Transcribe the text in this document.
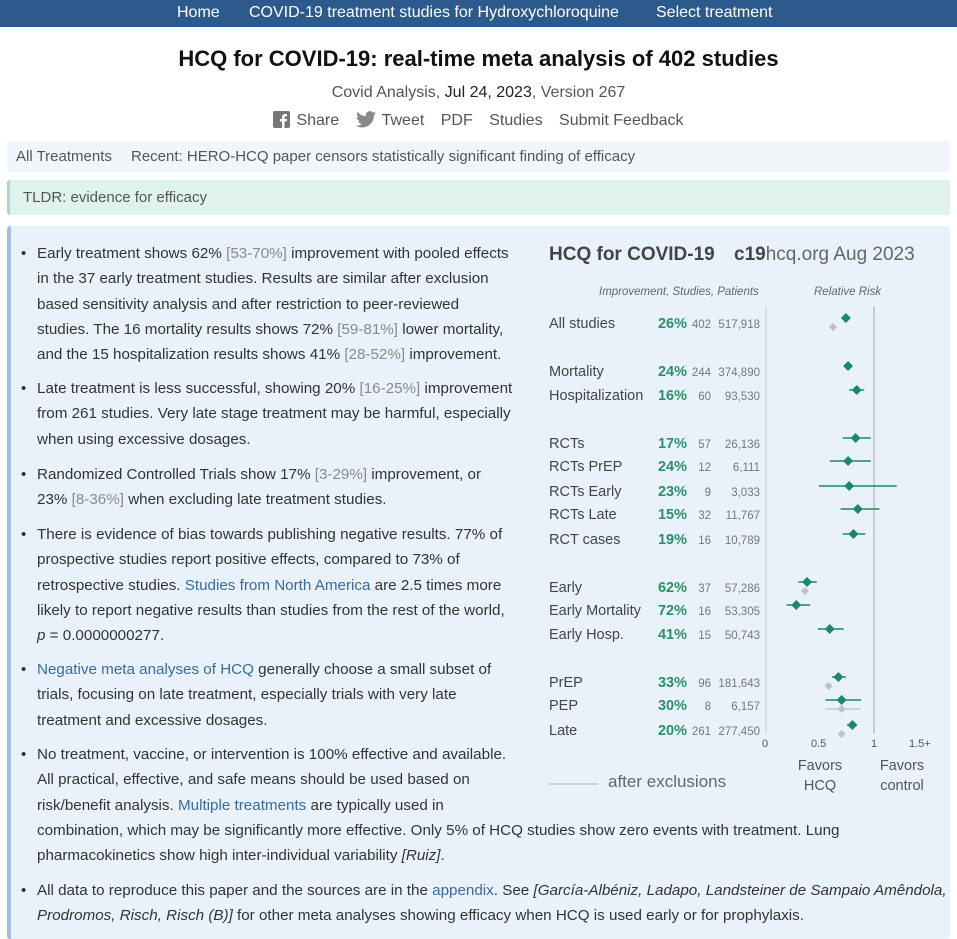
Home COVID-19 treatment studies for Hydroxychloroquine Select treatment
HCQ for COVID-19: real-time meta analysis of 402 studies
Covid Analysis, Jul 24, 2023, Version 267
Share	Tweet PDF Studies Submit Feedback
All Treatments Recent: HERO-HCQ paper censors statistically significant finding of efficacy
TLDR: evidence for efficacy
• Early treatment shows 62% [53-70%] improvement with pooled effects
in the 37 early treatment studies. Results are similar after exclusion
based sensitivity analysis and after restriction to peer-reviewed
studies. The 16 mortality results shows 72% [59-81%] lower mortality,
and the 15 hospitalization results shows 41% [28-52%] improvement.
• Late treatment is less successful, showing 20% [16-25%] improvement
from 261 studies. Very late stage treatment may be harmful, especially
when using excessive dosages.
• Randomized Controlled Trials show 17% [3-29%] improvement, or
23% [8-36%] when excluding late treatment studies.
• There is evidence of bias towards publishing negative results. 77% of
prospective studies report positive effects, compared to 73% of
retrospective studies. Studies from North America are 2.5 times more
likely to report negative results than studies from the rest of the world,
p = 0.0000000277.
• Negative meta analyses of HCQ generally choose a small subset of
trials, focusing on late treatment, especially trials with very late
treatment and excessive dosages.
• No treatment, vaccine, or intervention is 100% effective and available.
All practical, effective, and safe means should be used based on
risk/benefit analysis. Multiple treatments are typically used in
combination, which may be significantly more effective. Only 5% of HCQ studies show zero events with treatment. Lung
pharmacokinetics show high inter-individual variability [Ruiz].
• All data to reproduce this paper and the sources are in the appendix. See [García-Albéniz, Ladapo, Landsteiner de Sampaio Amêndola,
Prodromos, Risch, Risch (B)] for other meta analyses showing efficacy when HCQ is used early or for prophylaxis.
HCQ for COVID-19 c19hcq.org Aug 2023
Improvement, Studies, Patients	Relative Risk
All studies	26% 402 517,918
Mortality	24% 244 374,890
Hospitalization	16% 60	93,530
RCTs	17% 57	26,136
RCTs PrEP	24% 12	6,111
RCTs Early	23%	9	3,033
RCTs Late	15% 32	11,767
RCT cases	19% 16	10,789
Early	62% 37	57,286
Early Mortality	72% 16	53,305
Early Hosp.	41% 15	50,743
PrEP	33% 96 181,643
PEP	30%	8	6,157
Late	20% 261 277,450
0	0.5	1	1.5+
Favors
HCQ
Favors
control
after exclusions
